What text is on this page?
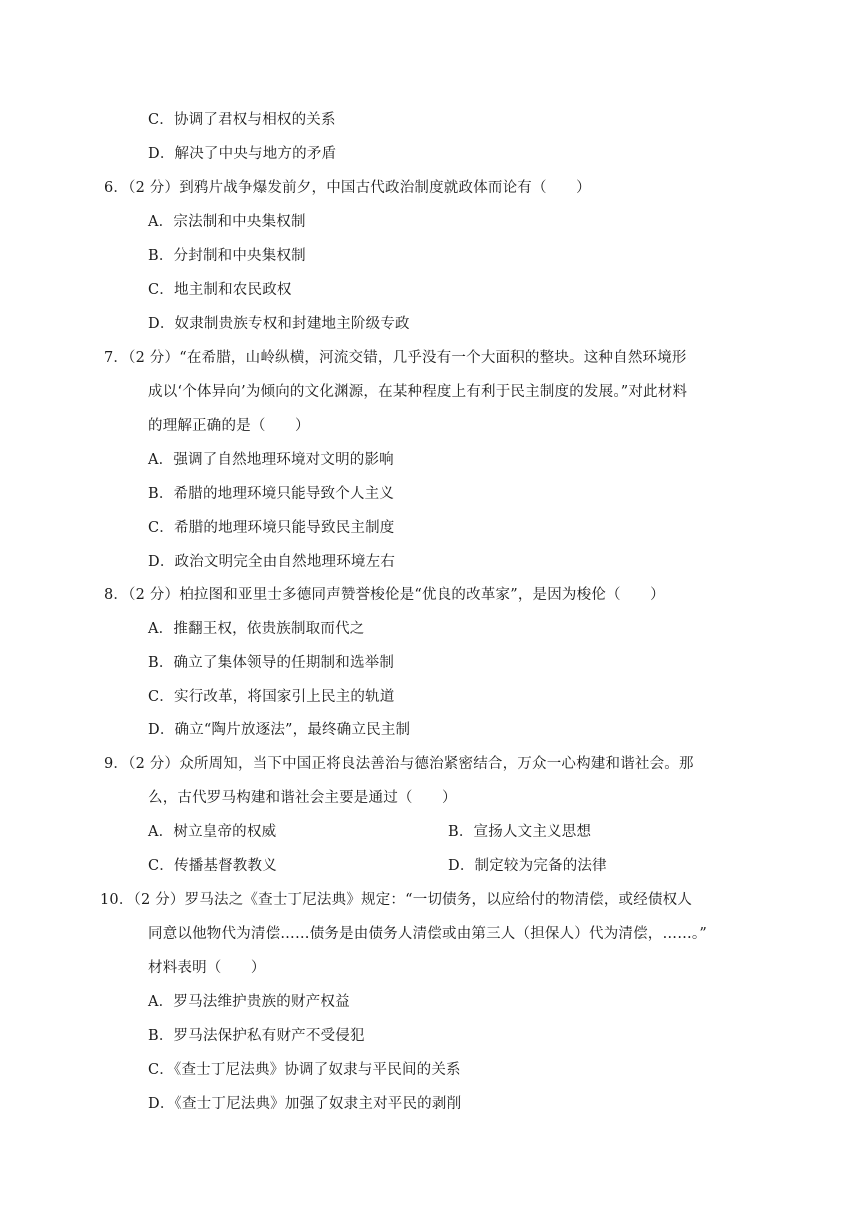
C．协调了君权与相权的关系
D．解决了中央与地方的矛盾
6．（2 分）到鸦片战争爆发前夕，中国古代政治制度就政体而论有（　　）
A．宗法制和中央集权制
B．分封制和中央集权制
C．地主制和农民政权
D．奴隶制贵族专权和封建地主阶级专政
7．（2 分）“在希腊，山岭纵横，河流交错，几乎没有一个大面积的整块。这种自然环境形
成以‘个体异向’为倾向的文化渊源，在某种程度上有利于民主制度的发展。”对此材料
的理解正确的是（　　）
A．强调了自然地理环境对文明的影响
B．希腊的地理环境只能导致个人主义
C．希腊的地理环境只能导致民主制度
D．政治文明完全由自然地理环境左右
8．（2 分）柏拉图和亚里士多德同声赞誉梭伦是“优良的改革家”，是因为梭伦（　　）
A．推翻王权，依贵族制取而代之
B．确立了集体领导的任期制和选举制
C．实行改革，将国家引上民主的轨道
D．确立“陶片放逐法”，最终确立民主制
9．（2 分）众所周知，当下中国正将良法善治与德治紧密结合，万众一心构建和谐社会。那
么，古代罗马构建和谐社会主要是通过（　　）
A．树立皇帝的权威	B．宣扬人文主义思想
C．传播基督教教义	D．制定较为完备的法律
10．（2 分）罗马法之《查士丁尼法典》规定：“一切债务，以应给付的物清偿，或经债权人
同意以他物代为清偿……债务是由债务人清偿或由第三人（担保人）代为清偿，……。”
材料表明（　　）
A．罗马法维护贵族的财产权益
B．罗马法保护私有财产不受侵犯
C．《查士丁尼法典》协调了奴隶与平民间的关系
D．《查士丁尼法典》加强了奴隶主对平民的剥削
